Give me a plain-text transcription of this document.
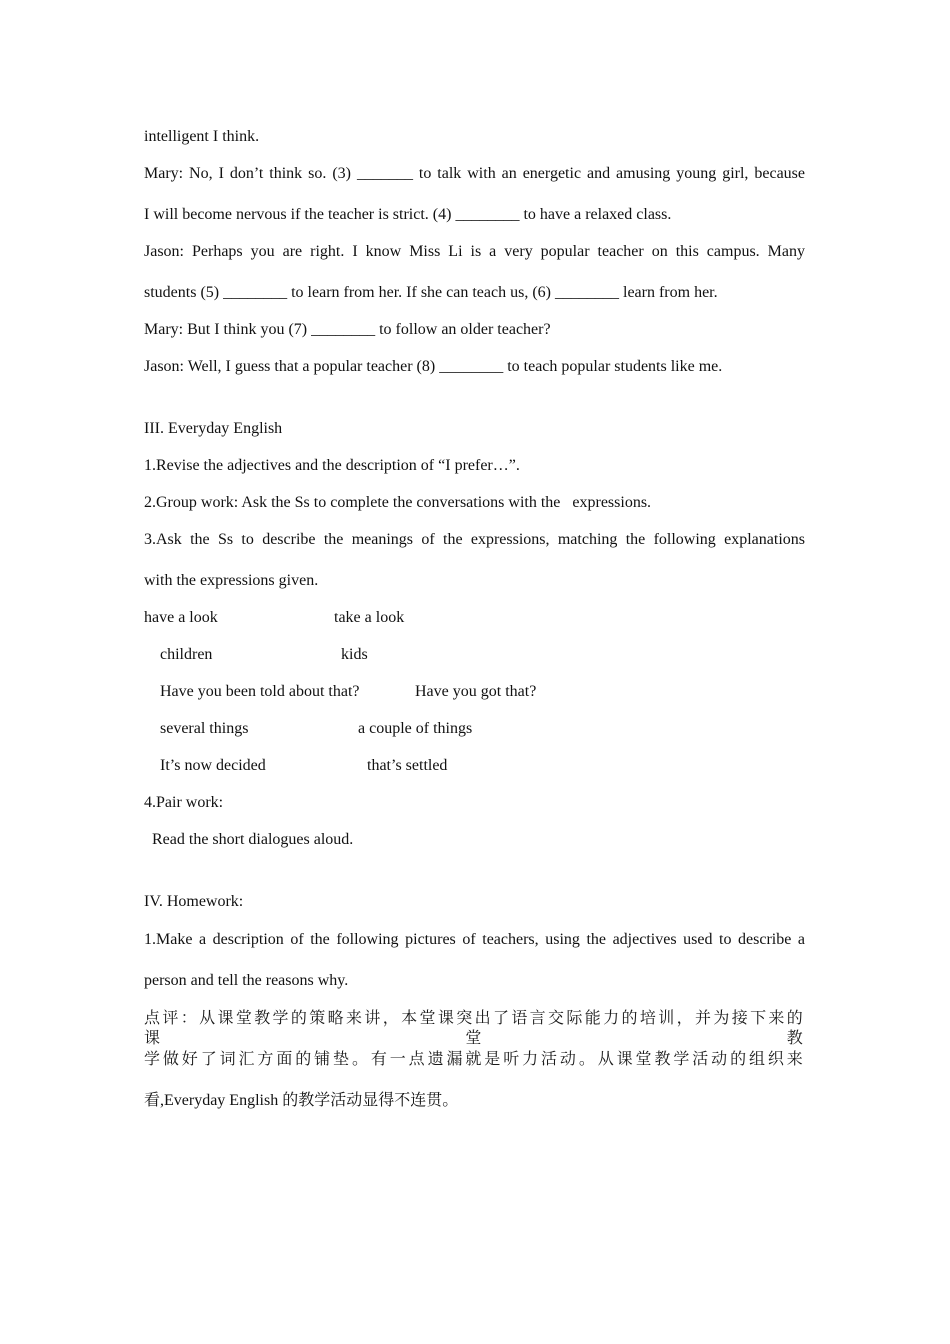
intelligent I think.

Mary: No, I don’t think so. (3) _______ to talk with an energetic and amusing young girl, because

I will become nervous if the teacher is strict. (4) ________ to have a relaxed class.

Jason: Perhaps you are right. I know Miss Li is a very popular teacher on this campus. Many

students (5) ________ to learn from her. If she can teach us, (6) ________ learn from her.

Mary: But I think you (7) ________ to follow an older teacher?

Jason: Well, I guess that a popular teacher (8) ________ to teach popular students like me.

III. Everyday English

1.Revise the adjectives and the description of “I prefer…”.

2.Group work: Ask the Ss to complete the conversations with the   expressions.

3.Ask the Ss to describe the meanings of the expressions, matching the following explanations

with the expressions given.

have a look	take a look
children	kids
Have you been told about that?	Have you got that?
several things	a couple of things
It’s now decided	that’s settled

4.Pair work:

Read the short dialogues aloud.

IV. Homework:

1.Make a description of the following pictures of teachers, using the adjectives used to describe a

person and tell the reasons why.

点评：从课堂教学的策略来讲，本堂课突出了语言交际能力的培训，并为接下来的课堂教

学做好了词汇方面的铺垫。有一点遗漏就是听力活动。从课堂教学活动的组织来

看,Everyday English 的教学活动显得不连贯。
